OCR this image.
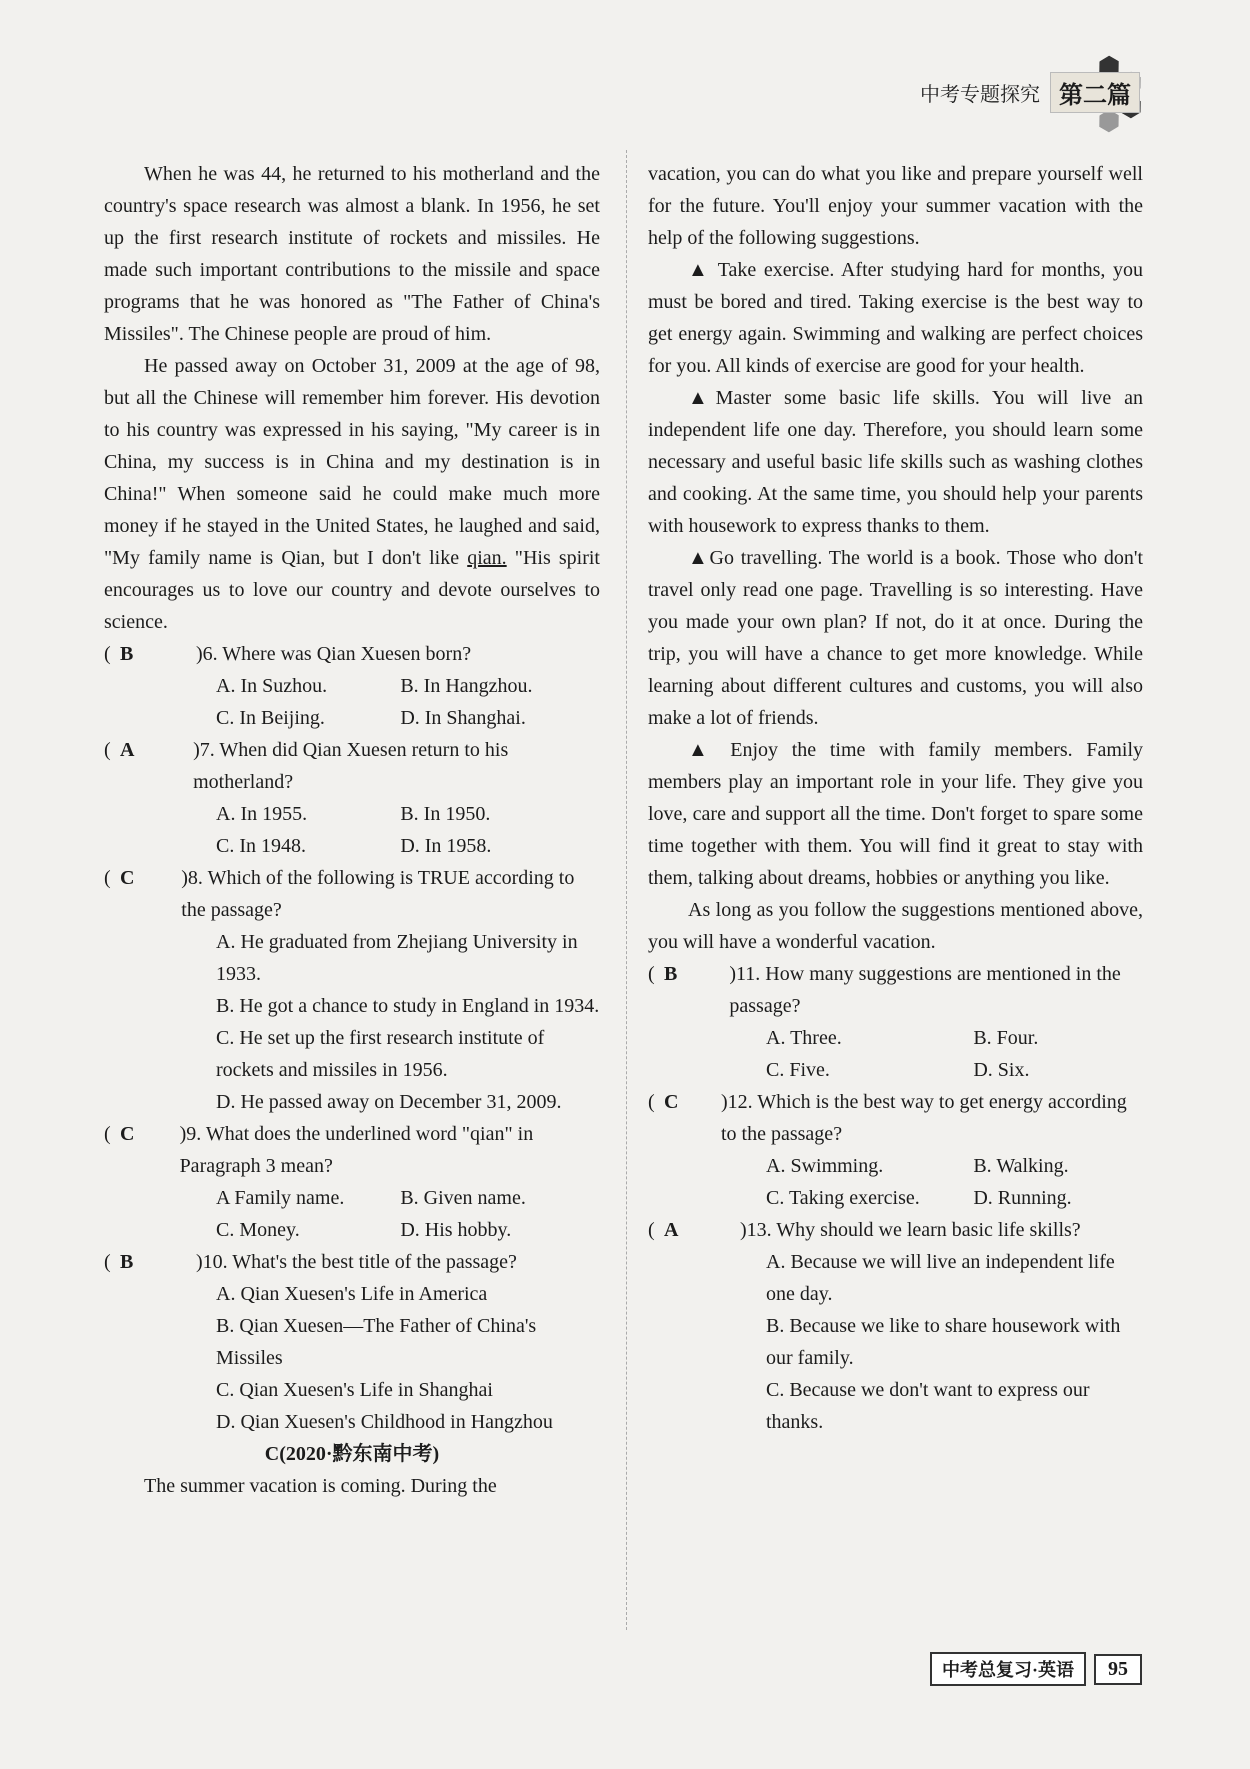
中考专题探究 第二篇

When he was 44, he returned to his motherland and the country's space research was almost a blank. In 1956, he set up the first research institute of rockets and missiles. He made such important contributions to the missile and space programs that he was honored as "The Father of China's Missiles". The Chinese people are proud of him.

He passed away on October 31, 2009 at the age of 98, but all the Chinese will remember him forever. His devotion to his country was expressed in his saying, "My career is in China, my success is in China and my destination is in China!" When someone said he could make much more money if he stayed in the United States, he laughed and said, "My family name is Qian, but I don't like qian. "His spirit encourages us to love our country and devote ourselves to science.

( B	)6. Where was Qian Xuesen born?
A. In Suzhou.	B. In Hangzhou.
C. In Beijing.	D. In Shanghai.
( A	)7. When did Qian Xuesen return to his motherland?
A. In 1955.	B. In 1950.
C. In 1948.	D. In 1958.
( C	)8. Which of the following is TRUE according to the passage?
A. He graduated from Zhejiang University in 1933.
B. He got a chance to study in England in 1934.
C. He set up the first research institute of rockets and missiles in 1956.
D. He passed away on December 31, 2009.
( C	)9. What does the underlined word "qian" in Paragraph 3 mean?
A Family name.	B. Given name.
C. Money.	D. His hobby.
( B	)10. What's the best title of the passage?
A. Qian Xuesen's Life in America
B. Qian Xuesen—The Father of China's Missiles
C. Qian Xuesen's Life in Shanghai
D. Qian Xuesen's Childhood in Hangzhou
C(2020·黔东南中考)

The summer vacation is coming. During the

vacation, you can do what you like and prepare yourself well for the future. You'll enjoy your summer vacation with the help of the following suggestions.

▲ Take exercise. After studying hard for months, you must be bored and tired. Taking exercise is the best way to get energy again. Swimming and walking are perfect choices for you. All kinds of exercise are good for your health.

▲Master some basic life skills. You will live an independent life one day. Therefore, you should learn some necessary and useful basic life skills such as washing clothes and cooking. At the same time, you should help your parents with housework to express thanks to them.

▲Go travelling. The world is a book. Those who don't travel only read one page. Travelling is so interesting. Have you made your own plan? If not, do it at once. During the trip, you will have a chance to get more knowledge. While learning about different cultures and customs, you will also make a lot of friends.

▲ Enjoy the time with family members. Family members play an important role in your life. They give you love, care and support all the time. Don't forget to spare some time together with them. You will find it great to stay with them, talking about dreams, hobbies or anything you like.

As long as you follow the suggestions mentioned above, you will have a wonderful vacation.

( B	)11. How many suggestions are mentioned in the passage?
A. Three.	B. Four.
C. Five.	D. Six.
( C	)12. Which is the best way to get energy according to the passage?
A. Swimming.	B. Walking.
C. Taking exercise.	D. Running.
( A	)13. Why should we learn basic life skills?
A. Because we will live an independent life one day.
B. Because we like to share housework with our family.
C. Because we don't want to express our thanks.
中考总复习·英语	95
